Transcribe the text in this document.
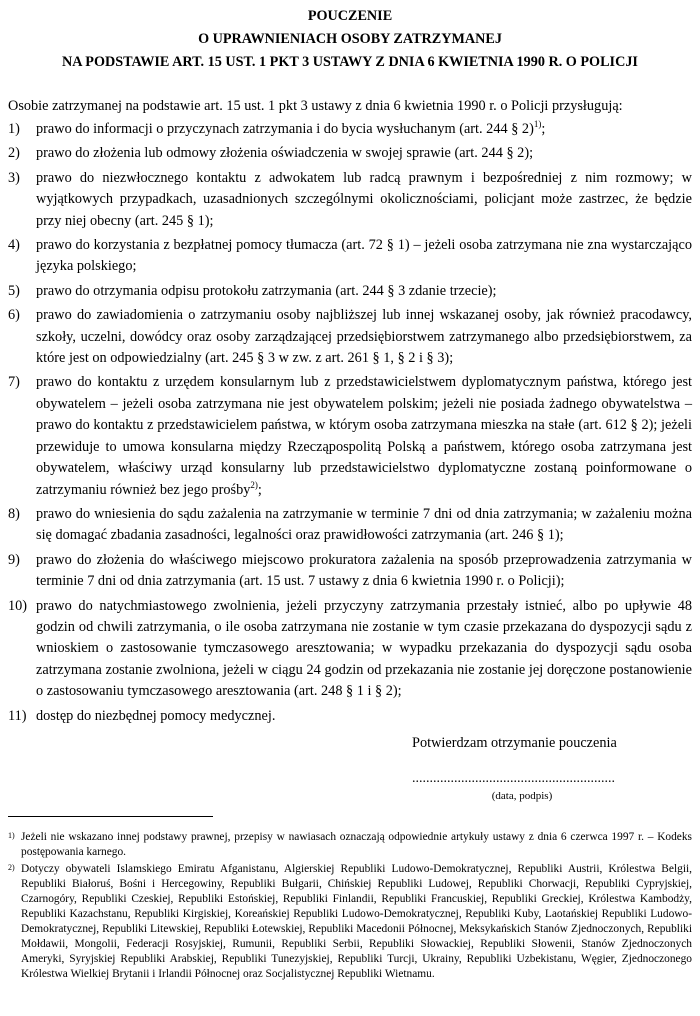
POUCZENIE
O UPRAWNIENIACH OSOBY ZATRZYMANEJ
NA PODSTAWIE ART. 15 UST. 1 PKT 3 USTAWY Z DNIA 6 KWIETNIA 1990 R. O POLICJI
Osobie zatrzymanej na podstawie art. 15 ust. 1 pkt 3 ustawy z dnia 6 kwietnia 1990 r. o Policji przysługują:
1)	prawo do informacji o przyczynach zatrzymania i do bycia wysłuchanym (art. 244 § 2)$^{1)}$;
2)	prawo do złożenia lub odmowy złożenia oświadczenia w swojej sprawie (art. 244 § 2);
3)	prawo do niezwłocznego kontaktu z adwokatem lub radcą prawnym i bezpośredniej z nim rozmowy; w wyjątkowych przypadkach, uzasadnionych szczególnymi okolicznościami, policjant może zastrzec, że będzie przy niej obecny (art. 245 § 1);
4)	prawo do korzystania z bezpłatnej pomocy tłumacza (art. 72 § 1) – jeżeli osoba zatrzymana nie zna wystarczająco języka polskiego;
5)	prawo do otrzymania odpisu protokołu zatrzymania (art. 244 § 3 zdanie trzecie);
6)	prawo do zawiadomienia o zatrzymaniu osoby najbliższej lub innej wskazanej osoby, jak również pracodawcy, szkoły, uczelni, dowódcy oraz osoby zarządzającej przedsiębiorstwem zatrzymanego albo przedsiębiorstwem, za które jest on odpowiedzialny (art. 245 § 3 w zw. z art. 261 § 1, § 2 i § 3);
7)	prawo do kontaktu z urzędem konsularnym lub z przedstawicielstwem dyplomatycznym państwa, którego jest obywatelem – jeżeli osoba zatrzymana nie jest obywatelem polskim; jeżeli nie posiada żadnego obywatelstwa – prawo do kontaktu z przedstawicielem państwa, w którym osoba zatrzymana mieszka na stałe (art. 612 § 2); jeżeli przewiduje to umowa konsularna między Rzecząpospolitą Polską a państwem, którego osoba zatrzymana jest obywatelem, właściwy urząd konsularny lub przedstawicielstwo dyplomatyczne zostaną poinformowane o zatrzymaniu również bez jego prośby$^{2)}$;
8)	prawo do wniesienia do sądu zażalenia na zatrzymanie w terminie 7 dni od dnia zatrzymania; w zażaleniu można się domagać zbadania zasadności, legalności oraz prawidłowości zatrzymania (art. 246 § 1);
9)	prawo do złożenia do właściwego miejscowo prokuratora zażalenia na sposób przeprowadzenia zatrzymania w terminie 7 dni od dnia zatrzymania (art. 15 ust. 7 ustawy z dnia 6 kwietnia 1990 r. o Policji);
10) prawo do natychmiastowego zwolnienia, jeżeli przyczyny zatrzymania przestały istnieć, albo po upływie 48 godzin od chwili zatrzymania, o ile osoba zatrzymana nie zostanie w tym czasie przekazana do dyspozycji sądu z wnioskiem o zastosowanie tymczasowego aresztowania; w wypadku przekazania do dyspozycji sądu osoba zatrzymana zostanie zwolniona, jeżeli w ciągu 24 godzin od przekazania nie zostanie jej doręczone postanowienie o zastosowaniu tymczasowego aresztowania (art. 248 § 1 i § 2);
11) dostęp do niezbędnej pomocy medycznej.
Potwierdzam otrzymanie pouczenia
..........................................................
(data, podpis)
1) Jeżeli nie wskazano innej podstawy prawnej, przepisy w nawiasach oznaczają odpowiednie artykuły ustawy z dnia 6 czerwca 1997 r. – Kodeks postępowania karnego.
2) Dotyczy obywateli Islamskiego Emiratu Afganistanu, Algierskiej Republiki Ludowo-Demokratycznej, Republiki Austrii, Królestwa Belgii, Republiki Białoruś, Bośni i Hercegowiny, Republiki Bułgarii, Chińskiej Republiki Ludowej, Republiki Chorwacji, Republiki Cypryjskiej, Czarnogóry, Republiki Czeskiej, Republiki Estońskiej, Republiki Finlandii, Republiki Francuskiej, Republiki Greckiej, Królestwa Kambodży, Republiki Kazachstanu, Republiki Kirgiskiej, Koreańskiej Republiki Ludowo-Demokratycznej, Republiki Kuby, Laotańskiej Republiki Ludowo-Demokratycznej, Republiki Litewskiej, Republiki Łotewskiej, Republiki Macedonii Północnej, Meksykańskich Stanów Zjednoczonych, Republiki Mołdawii, Mongolii, Federacji Rosyjskiej, Rumunii, Republiki Serbii, Republiki Słowackiej, Republiki Słowenii, Stanów Zjednoczonych Ameryki, Syryjskiej Republiki Arabskiej, Republiki Tunezyjskiej, Republiki Turcji, Ukrainy, Republiki Uzbekistanu, Węgier, Zjednoczonego Królestwa Wielkiej Brytanii i Irlandii Północnej oraz Socjalistycznej Republiki Wietnamu.
